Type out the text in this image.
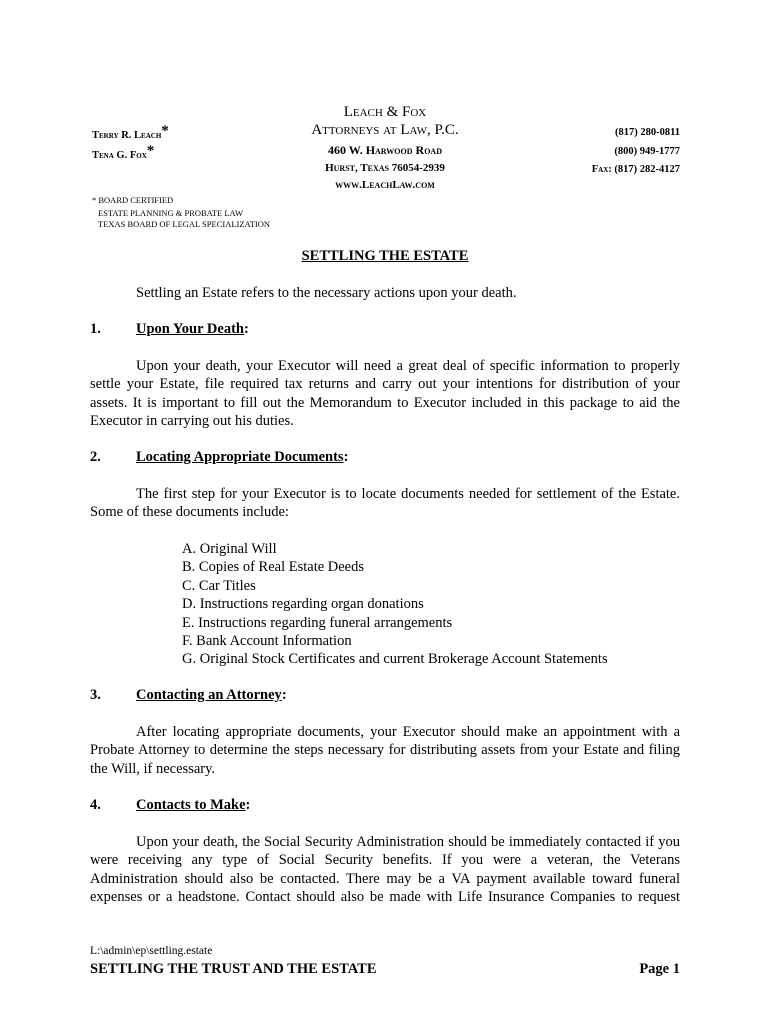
Leach & Fox
Attorneys at Law, P.C.
460 W. Harwood Road
Hurst, Texas 76054-2939
www.LeachLaw.com
Terry R. Leach*
Tena G. Fox*
(817) 280-0811
(800) 949-1777
Fax: (817) 282-4127
* BOARD CERTIFIED
ESTATE PLANNING & PROBATE LAW
TEXAS BOARD OF LEGAL SPECIALIZATION
SETTLING THE ESTATE

Settling an Estate refers to the necessary actions upon your death.

1. Upon Your Death:

Upon your death, your Executor will need a great deal of specific information to properly settle your Estate, file required tax returns and carry out your intentions for distribution of your assets. It is important to fill out the Memorandum to Executor included in this package to aid the Executor in carrying out his duties.

2. Locating Appropriate Documents:

The first step for your Executor is to locate documents needed for settlement of the Estate. Some of these documents include:

A. Original Will
B. Copies of Real Estate Deeds
C. Car Titles
D. Instructions regarding organ donations
E. Instructions regarding funeral arrangements
F. Bank Account Information
G. Original Stock Certificates and current Brokerage Account Statements
3. Contacting an Attorney:

After locating appropriate documents, your Executor should make an appointment with a Probate Attorney to determine the steps necessary for distributing assets from your Estate and filing the Will, if necessary.

4. Contacts to Make:

Upon your death, the Social Security Administration should be immediately contacted if you were receiving any type of Social Security benefits. If you were a veteran, the Veterans Administration should also be contacted. There may be a VA payment available toward funeral expenses or a headstone. Contact should also be made with Life Insurance Companies to request

L:\admin\ep\settling.estate
SETTLING THE TRUST AND THE ESTATE	Page 1
